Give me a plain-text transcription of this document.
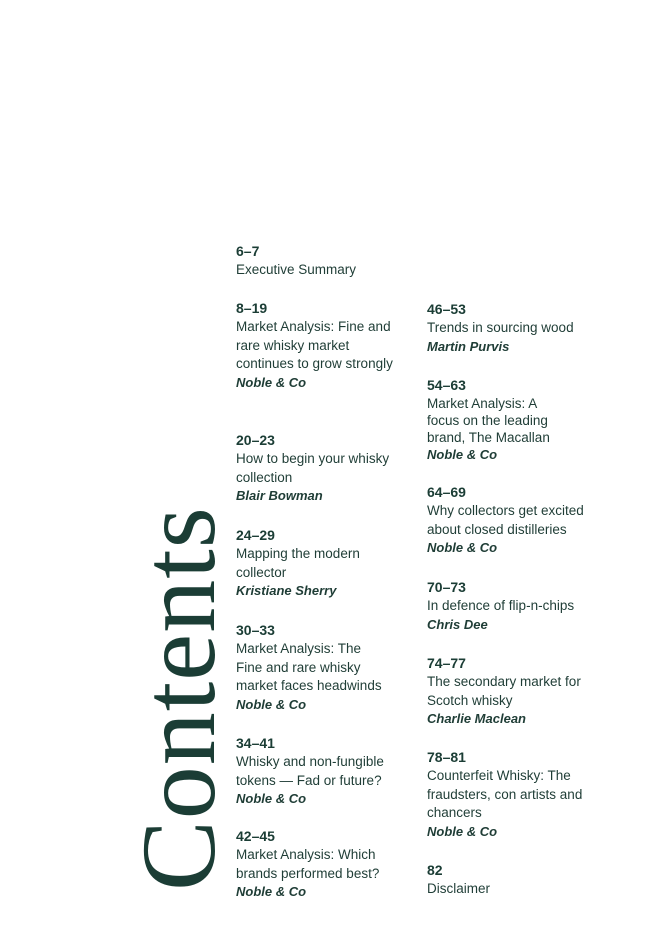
Contents
6–7
Executive Summary
8–19
Market Analysis: Fine and rare whisky market continues to grow strongly
Noble & Co
20–23
How to begin your whisky collection
Blair Bowman
24–29
Mapping the modern collector
Kristiane Sherry
30–33
Market Analysis: The Fine and rare whisky market faces headwinds
Noble & Co
34–41
Whisky and non-fungible tokens — Fad or future?
Noble & Co
42–45
Market Analysis: Which brands performed best?
Noble & Co
46–53
Trends in sourcing wood
Martin Purvis
54–63
Market Analysis: A focus on the leading brand, The Macallan
Noble & Co
64–69
Why collectors get excited about closed distilleries
Noble & Co
70–73
In defence of flip-n-chips
Chris Dee
74–77
The secondary market for Scotch whisky
Charlie Maclean
78–81
Counterfeit Whisky: The fraudsters, con artists and chancers
Noble & Co
82
Disclaimer
